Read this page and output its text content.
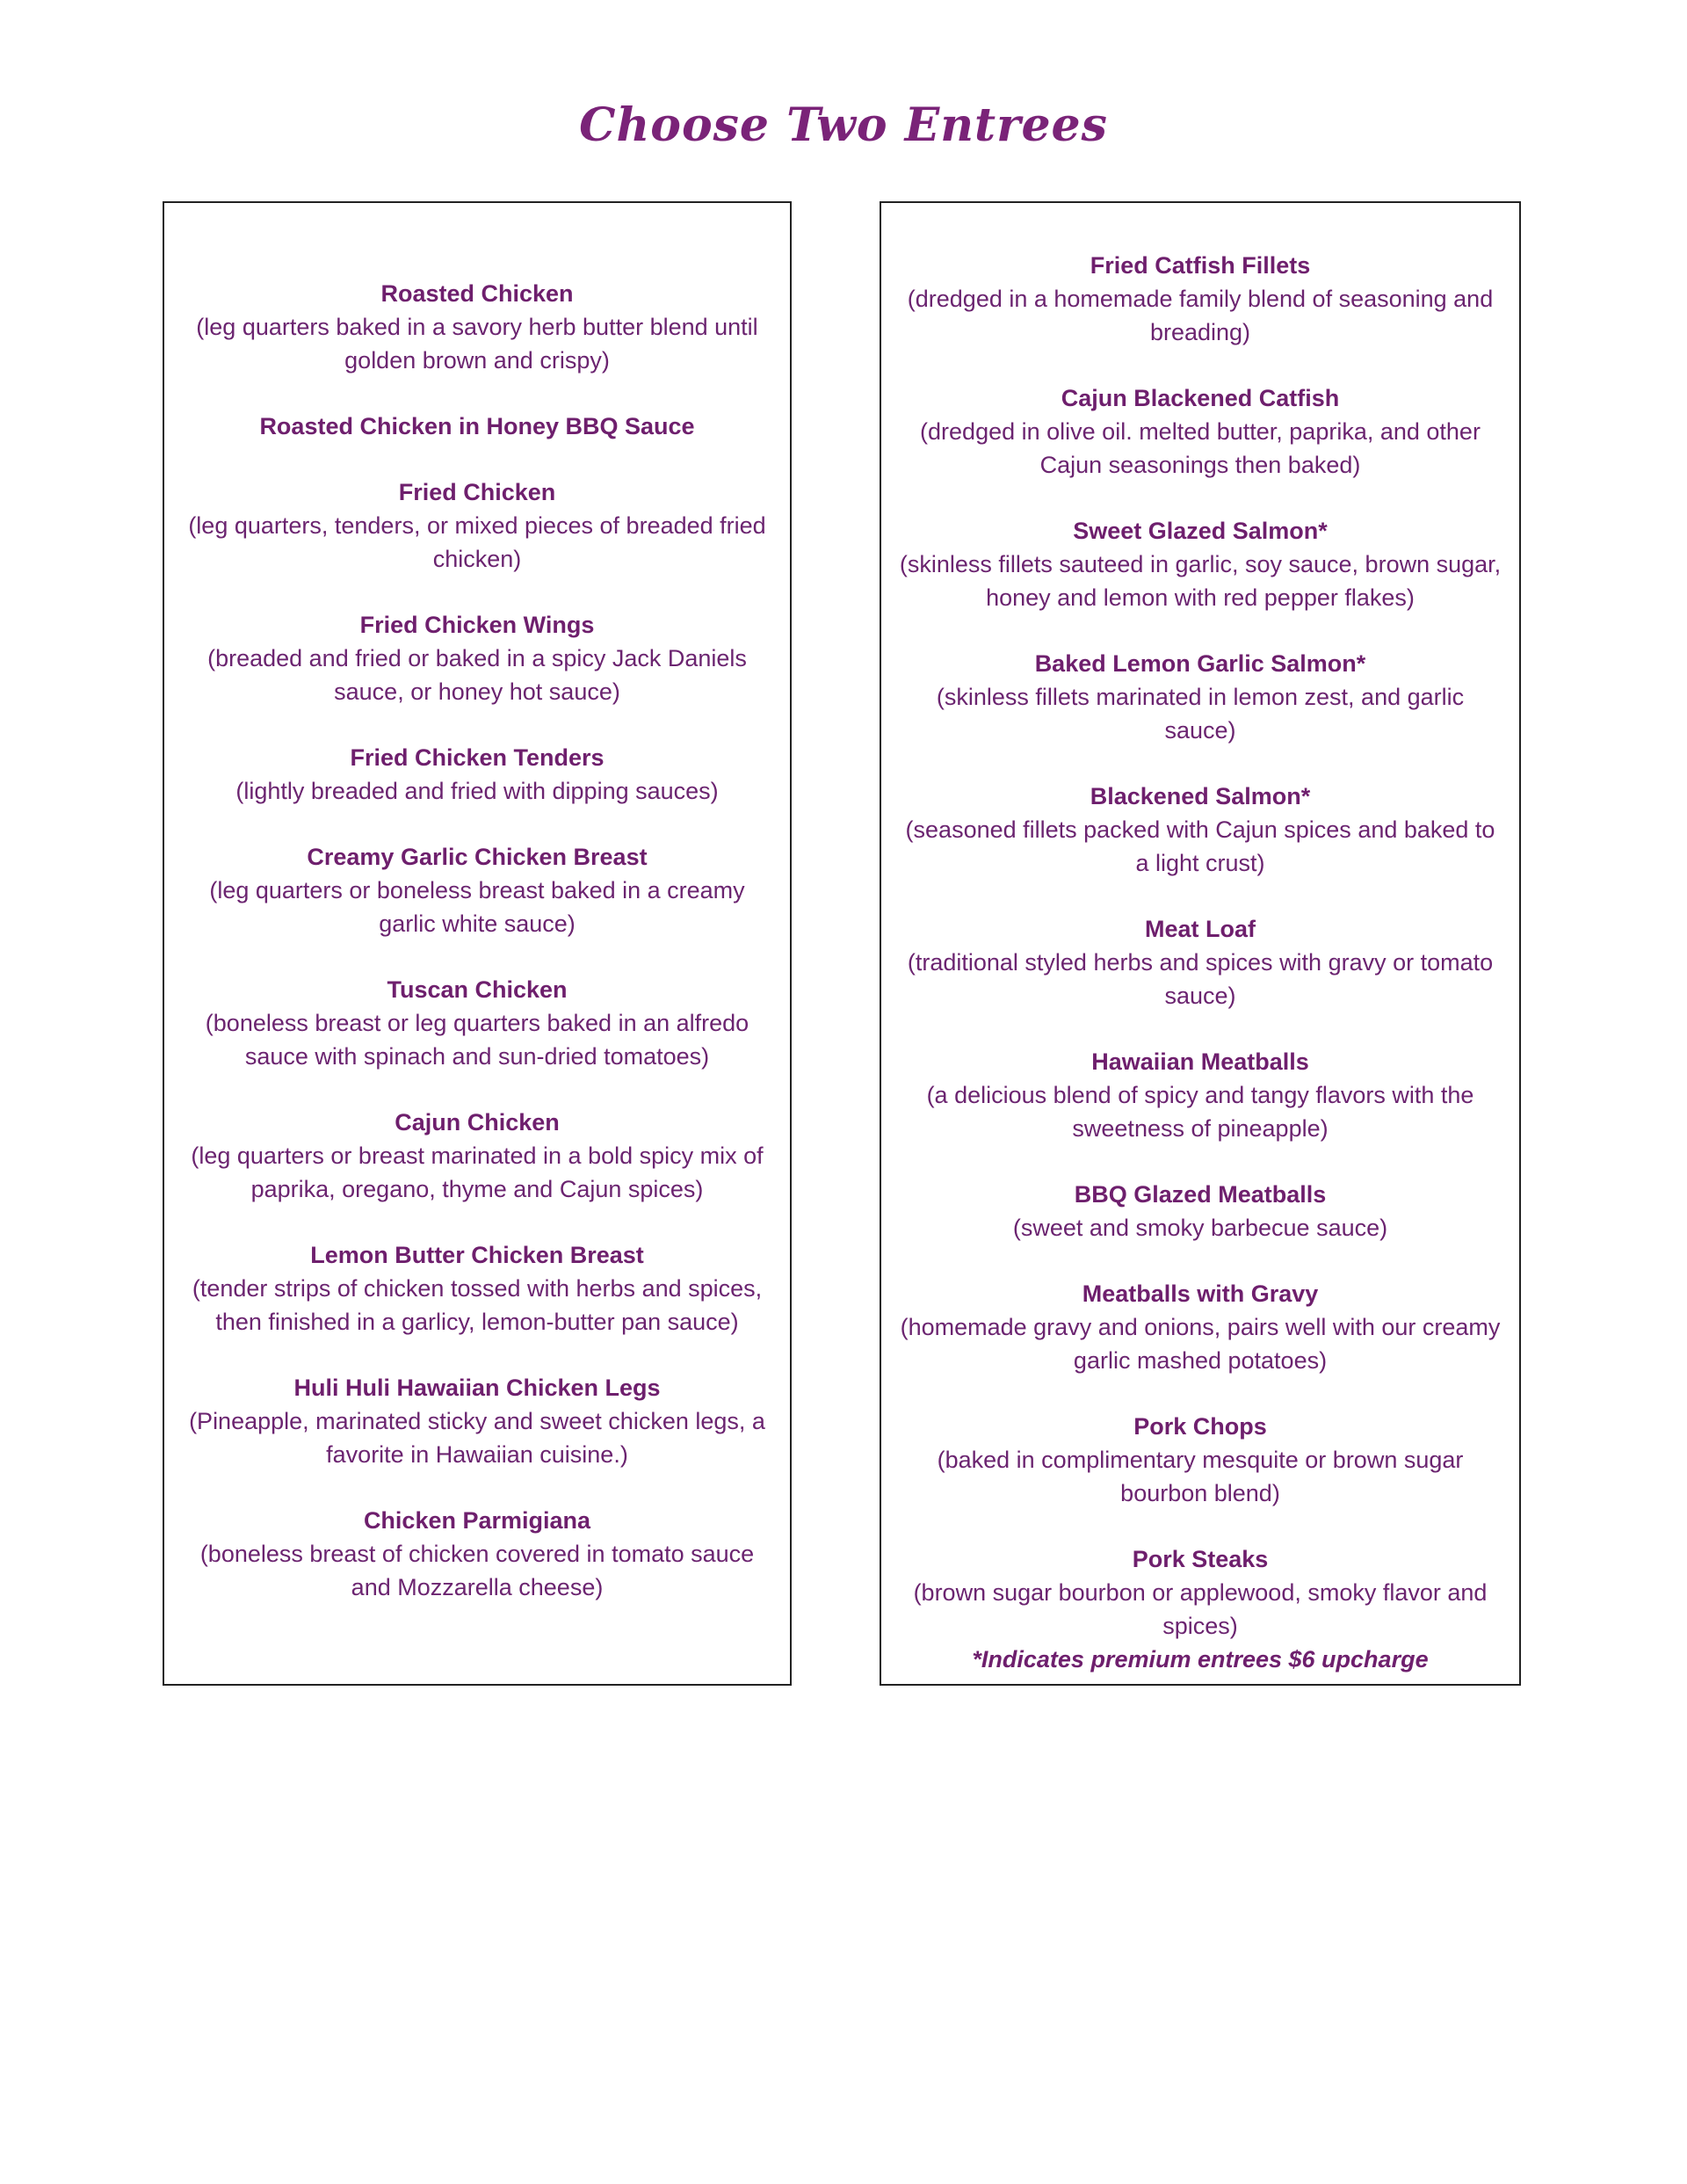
Choose Two Entrees
Roasted Chicken
(leg quarters baked in a savory herb butter blend until golden brown and crispy)
Roasted Chicken in Honey BBQ Sauce
Fried Chicken
(leg quarters, tenders, or mixed pieces of breaded fried chicken)
Fried Chicken Wings
(breaded and fried or baked in a spicy Jack Daniels sauce, or honey hot sauce)
Fried Chicken Tenders
(lightly breaded and fried with dipping sauces)
Creamy Garlic Chicken Breast
(leg quarters or boneless breast baked in a creamy garlic white sauce)
Tuscan Chicken
(boneless breast or leg quarters baked in an alfredo sauce with spinach and sun-dried tomatoes)
Cajun Chicken
(leg quarters or breast marinated in a bold spicy mix of paprika, oregano, thyme and Cajun spices)
Lemon Butter Chicken Breast
(tender strips of chicken tossed with herbs and spices, then finished in a garlicy, lemon-butter pan sauce)
Huli Huli Hawaiian Chicken Legs
(Pineapple, marinated sticky and sweet chicken legs, a favorite in Hawaiian cuisine.)
Chicken Parmigiana
(boneless breast of chicken covered in tomato sauce and Mozzarella cheese)
Fried Catfish Fillets
(dredged in a homemade family blend of seasoning and breading)
Cajun Blackened Catfish
(dredged in olive oil. melted butter, paprika, and other Cajun seasonings then baked)
Sweet Glazed Salmon*
(skinless fillets sauteed in garlic, soy sauce, brown sugar, honey and lemon with red pepper flakes)
Baked Lemon Garlic Salmon*
(skinless fillets marinated in lemon zest, and garlic sauce)
Blackened Salmon*
(seasoned fillets packed with Cajun spices and baked to a light crust)
Meat Loaf
(traditional styled herbs and spices with gravy or tomato sauce)
Hawaiian Meatballs
(a delicious blend of spicy and tangy flavors with the sweetness of pineapple)
BBQ Glazed Meatballs
(sweet and smoky barbecue sauce)
Meatballs with Gravy
(homemade gravy and onions, pairs well with our creamy garlic mashed potatoes)
Pork Chops
(baked in complimentary mesquite or brown sugar bourbon blend)
Pork Steaks
(brown sugar bourbon or applewood, smoky flavor and spices)
*Indicates premium entrees $6 upcharge
